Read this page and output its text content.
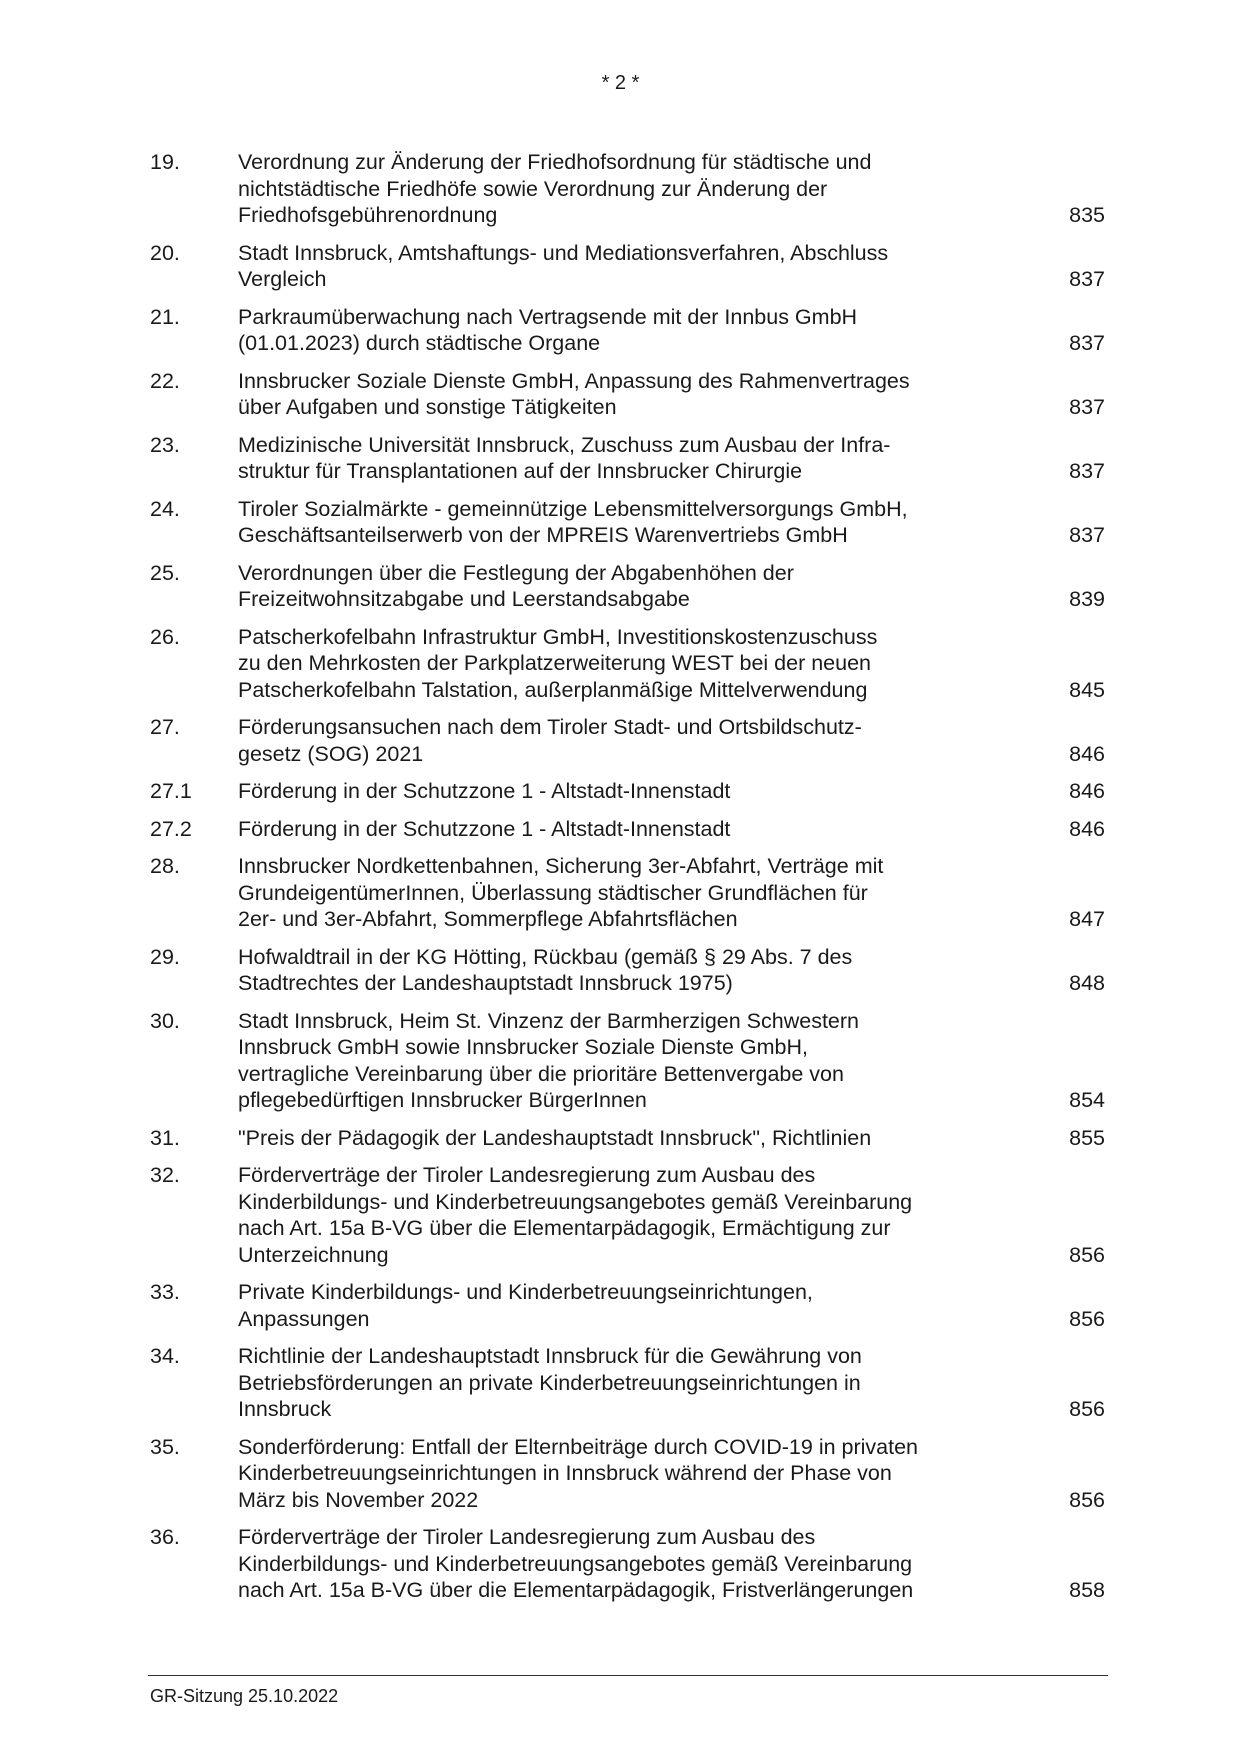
* 2 *
19.	Verordnung zur Änderung der Friedhofsordnung für städtische und
nichtstädtische Friedhöfe sowie Verordnung zur Änderung der
Friedhofsgebührenordnung	835
20.	Stadt Innsbruck, Amtshaftungs- und Mediationsverfahren, Abschluss
Vergleich	837
21.	Parkraumüberwachung nach Vertragsende mit der Innbus GmbH
(01.01.2023) durch städtische Organe	837
22.	Innsbrucker Soziale Dienste GmbH, Anpassung des Rahmenvertrages
über Aufgaben und sonstige Tätigkeiten	837
23.	Medizinische Universität Innsbruck, Zuschuss zum Ausbau der Infra-
struktur für Transplantationen auf der Innsbrucker Chirurgie	837
24.	Tiroler Sozialmärkte - gemeinnützige Lebensmittelversorgungs GmbH,
Geschäftsanteilserwerb von der MPREIS Warenvertriebs GmbH	837
25.	Verordnungen über die Festlegung der Abgabenhöhen der
Freizeitwohnsitzabgabe und Leerstandsabgabe	839
26.	Patscherkofelbahn Infrastruktur GmbH, Investitionskostenzuschuss
zu den Mehrkosten der Parkplatzerweiterung WEST bei der neuen
Patscherkofelbahn Talstation, außerplanmäßige Mittelverwendung	845
27.	Förderungsansuchen nach dem Tiroler Stadt- und Ortsbildschutz-
gesetz (SOG) 2021	846
27.1 Förderung in der Schutzzone 1 - Altstadt-Innenstadt	846
27.2 Förderung in der Schutzzone 1 - Altstadt-Innenstadt	846
28.	Innsbrucker Nordkettenbahnen, Sicherung 3er-Abfahrt, Verträge mit
GrundeigentümerInnen, Überlassung städtischer Grundflächen für
2er- und 3er-Abfahrt, Sommerpflege Abfahrtsflächen	847
29.	Hofwaldtrail in der KG Hötting, Rückbau (gemäß § 29 Abs. 7 des
Stadtrechtes der Landeshauptstadt Innsbruck 1975)	848
30.	Stadt Innsbruck, Heim St. Vinzenz der Barmherzigen Schwestern
Innsbruck GmbH sowie Innsbrucker Soziale Dienste GmbH,
vertragliche Vereinbarung über die prioritäre Bettenvergabe von
pflegebedürftigen Innsbrucker BürgerInnen	854
31.	"Preis der Pädagogik der Landeshauptstadt Innsbruck", Richtlinien	855
32.	Förderverträge der Tiroler Landesregierung zum Ausbau des
Kinderbildungs- und Kinderbetreuungsangebotes gemäß Vereinbarung
nach Art. 15a B-VG über die Elementarpädagogik, Ermächtigung zur
Unterzeichnung	856
33.	Private Kinderbildungs- und Kinderbetreuungseinrichtungen,
Anpassungen	856
34.	Richtlinie der Landeshauptstadt Innsbruck für die Gewährung von
Betriebsförderungen an private Kinderbetreuungseinrichtungen in
Innsbruck	856
35.	Sonderförderung: Entfall der Elternbeiträge durch COVID-19 in privaten
Kinderbetreuungseinrichtungen in Innsbruck während der Phase von
März bis November 2022	856
36.	Förderverträge der Tiroler Landesregierung zum Ausbau des
Kinderbildungs- und Kinderbetreuungsangebotes gemäß Vereinbarung
nach Art. 15a B-VG über die Elementarpädagogik, Fristverlängerungen	858
GR-Sitzung 25.10.2022
